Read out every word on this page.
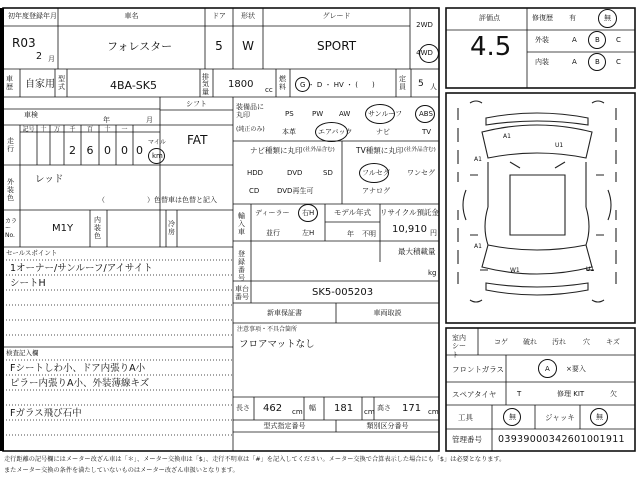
初年度登録年月
R03
2 月
車名
フォレスター
ドア
5
形状
W
グレード
SPORT
2WD
4WD
車歴	自家用 型式	4BA-SK5
排気量
1800 cc
燃料 G ・ D ・ HV ・ (　　)
定員 5 人
車検
年	月
シフト
FAT
走行
記号 十	万	千	百	十	一
2 6 0 0 0
マイル
km
外装色
レッド
（　　　　　　）色替車は色替と記入
カラーNo.
M1Y
内装色
冷房
セールスポイント
1オーナー/サンルーフ/アイサイト
シートH
検査記入欄
Fシートしわ小、ドア内張りA小
ピラー内張りA小、外装薄線キズ
Fガラス飛び石中
装備品に丸印
(純正のみ)
PS	PW AW	サンルーフ ABS
本革	エアバック	ナビ	TV
ナビ種類に丸印 (社外品含む)
HDD	DVD	SD
CD	DVD再生可
TV種類に丸印 (社外品含む)
フルセグ ワンセグ
アナログ
輸入車
ディーラー
並行
右H
左H
モデル年式
年 不明
リサイクル預託金
10,910 円
最大積載量
kg
登録番号
車台番号	SK5-005203
新車保証書	車両取説
注意事項・不具合箇所
フロアマットなし
長さ 462 cm 幅 181 cm 高さ 171 cm
型式指定番号	類別区分番号
評価点
4.5
修復歴 有	無
外装	A	B C
内装	A	B C
A1
A1
A1
U1
U1
W1
室内シート
コゲ 破れ 汚れ 穴 キズ
フロントガラス	A ×要入
スペアタイヤ	T	修理 KIT	欠
工具	無	ジャッキ	無
管理番号 0393900034260100191​1
走行距離の記号欄にはメーター改ざん車は「＊」、メーター交換車は「$」、走行不明車は「#」を記入してください。メーター交換で合算表示した場合にも「$」は必要となります。
またメーター交換の条件を満たしていないものはメーター改ざん車扱いとなります。
